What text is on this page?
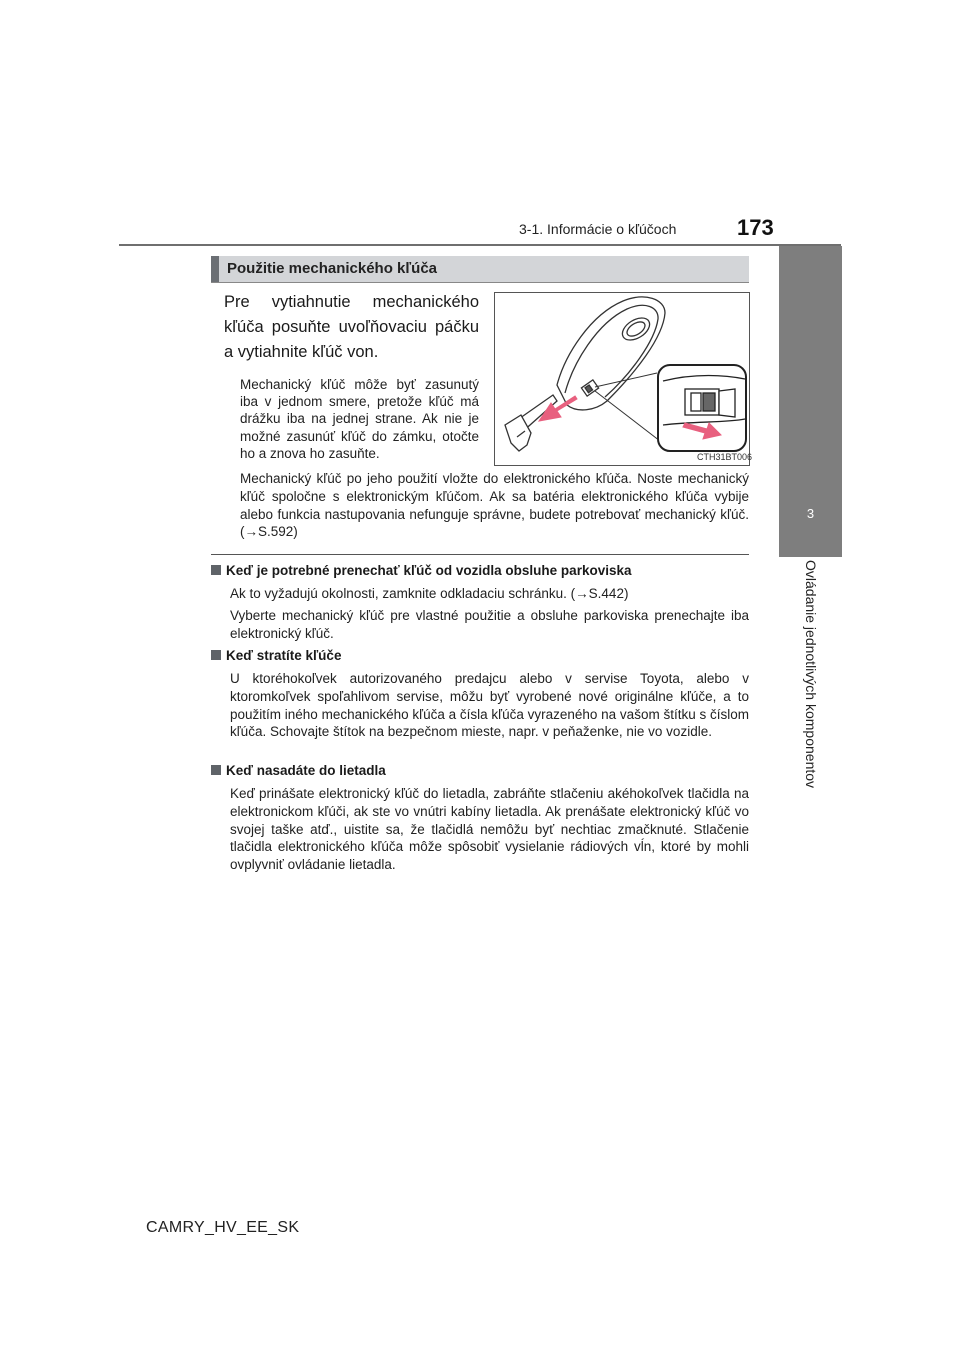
3-1. Informácie o kľúčoch	173
3
Ovládanie jednotlivých komponentov
Použitie mechanického kľúča
Pre vytiahnutie mechanického kľúča posuňte uvoľňovaciu páčku a vytiahnite kľúč von.
Mechanický kľúč môže byť zasunutý iba v jednom smere, pretože kľúč má drážku iba na jednej strane. Ak nie je možné zasunúť kľúč do zámku, otočte ho a znova ho zasuňte.	CTH31BT006
Mechanický kľúč po jeho použití vložte do elektronického kľúča. Noste mechanický kľúč spoločne s elektronickým kľúčom. Ak sa batéria elektronického kľúča vybije alebo funkcia nastupovania nefunguje správne, budete potrebovať mechanický kľúč. (→S.592)
Keď je potrebné prenechať kľúč od vozidla obsluhe parkoviska
Ak to vyžadujú okolnosti, zamknite odkladaciu schránku. (→S.442)
Vyberte mechanický kľúč pre vlastné použitie a obsluhe parkoviska prenechajte iba elektronický kľúč.
Keď stratíte kľúče
U ktoréhokoľvek autorizovaného predajcu alebo v servise Toyota, alebo v ktoromkoľvek spoľahlivom servise, môžu byť vyrobené nové originálne kľúče, a to použitím iného mechanického kľúča a čísla kľúča vyrazeného na vašom štítku s číslom kľúča. Schovajte štítok na bezpečnom mieste, napr. v peňaženke, nie vo vozidle.
Keď nasadáte do lietadla
Keď prinášate elektronický kľúč do lietadla, zabráňte stlačeniu akéhokoľvek tlačidla na elektronickom kľúči, ak ste vo vnútri kabíny lietadla. Ak prenášate elektronický kľúč vo svojej taške atď., uistite sa, že tlačidlá nemôžu byť nechtiac zmačknuté. Stlačenie tlačidla elektronického kľúča môže spôsobiť vysielanie rádiových vĺn, ktoré by mohli ovplyvniť ovládanie lietadla.
CAMRY_HV_EE_SK
